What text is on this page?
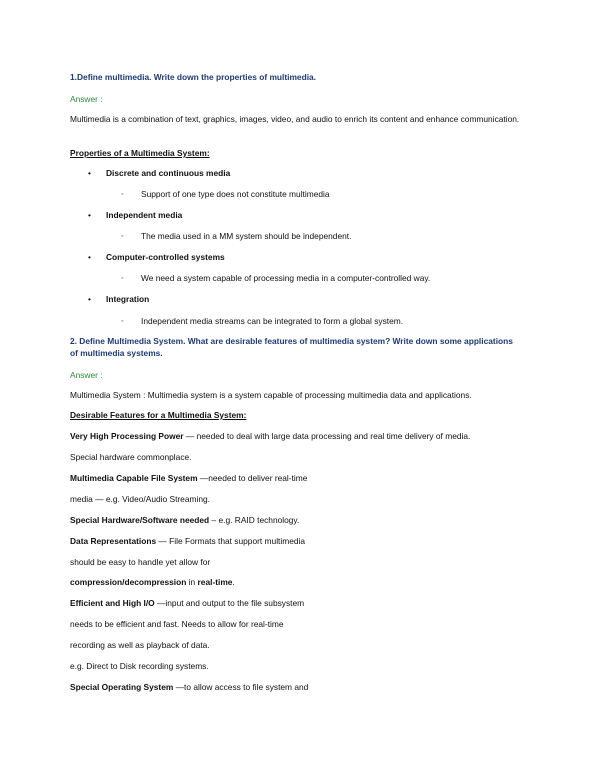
1.Define multimedia. Write down the properties of multimedia.
Answer :
Multimedia is a combination of text, graphics, images, video, and audio to enrich its content and enhance communication.
Properties of a Multimedia System:
• Discrete and continuous media
◦ Support of one type does not constitute multimedia
• Independent media
◦ The media used in a MM system should be independent.
• Computer-controlled systems
◦ We need a system capable of processing media in a computer-controlled way.
• Integration
◦ Independent media streams can be integrated to form a global system.
2. Define Multimedia System. What are desirable features of multimedia system? Write down some applications
of multimedia systems.
Answer :
Multimedia System : Multimedia system is a system capable of processing multimedia data and applications.
Desirable Features for a Multimedia System:
Very High Processing Power — needed to deal with large data processing and real time delivery of media.
Special hardware commonplace.
Multimedia Capable File System —needed to deliver real-time
media — e.g. Video/Audio Streaming.
Special Hardware/Software needed – e.g. RAID technology.
Data Representations — File Formats that support multimedia
should be easy to handle yet allow for
compression/decompression in real-time.
Efficient and High I/O —input and output to the file subsystem
needs to be efficient and fast. Needs to allow for real-time
recording as well as playback of data.
e.g. Direct to Disk recording systems.
Special Operating System —to allow access to file system and
